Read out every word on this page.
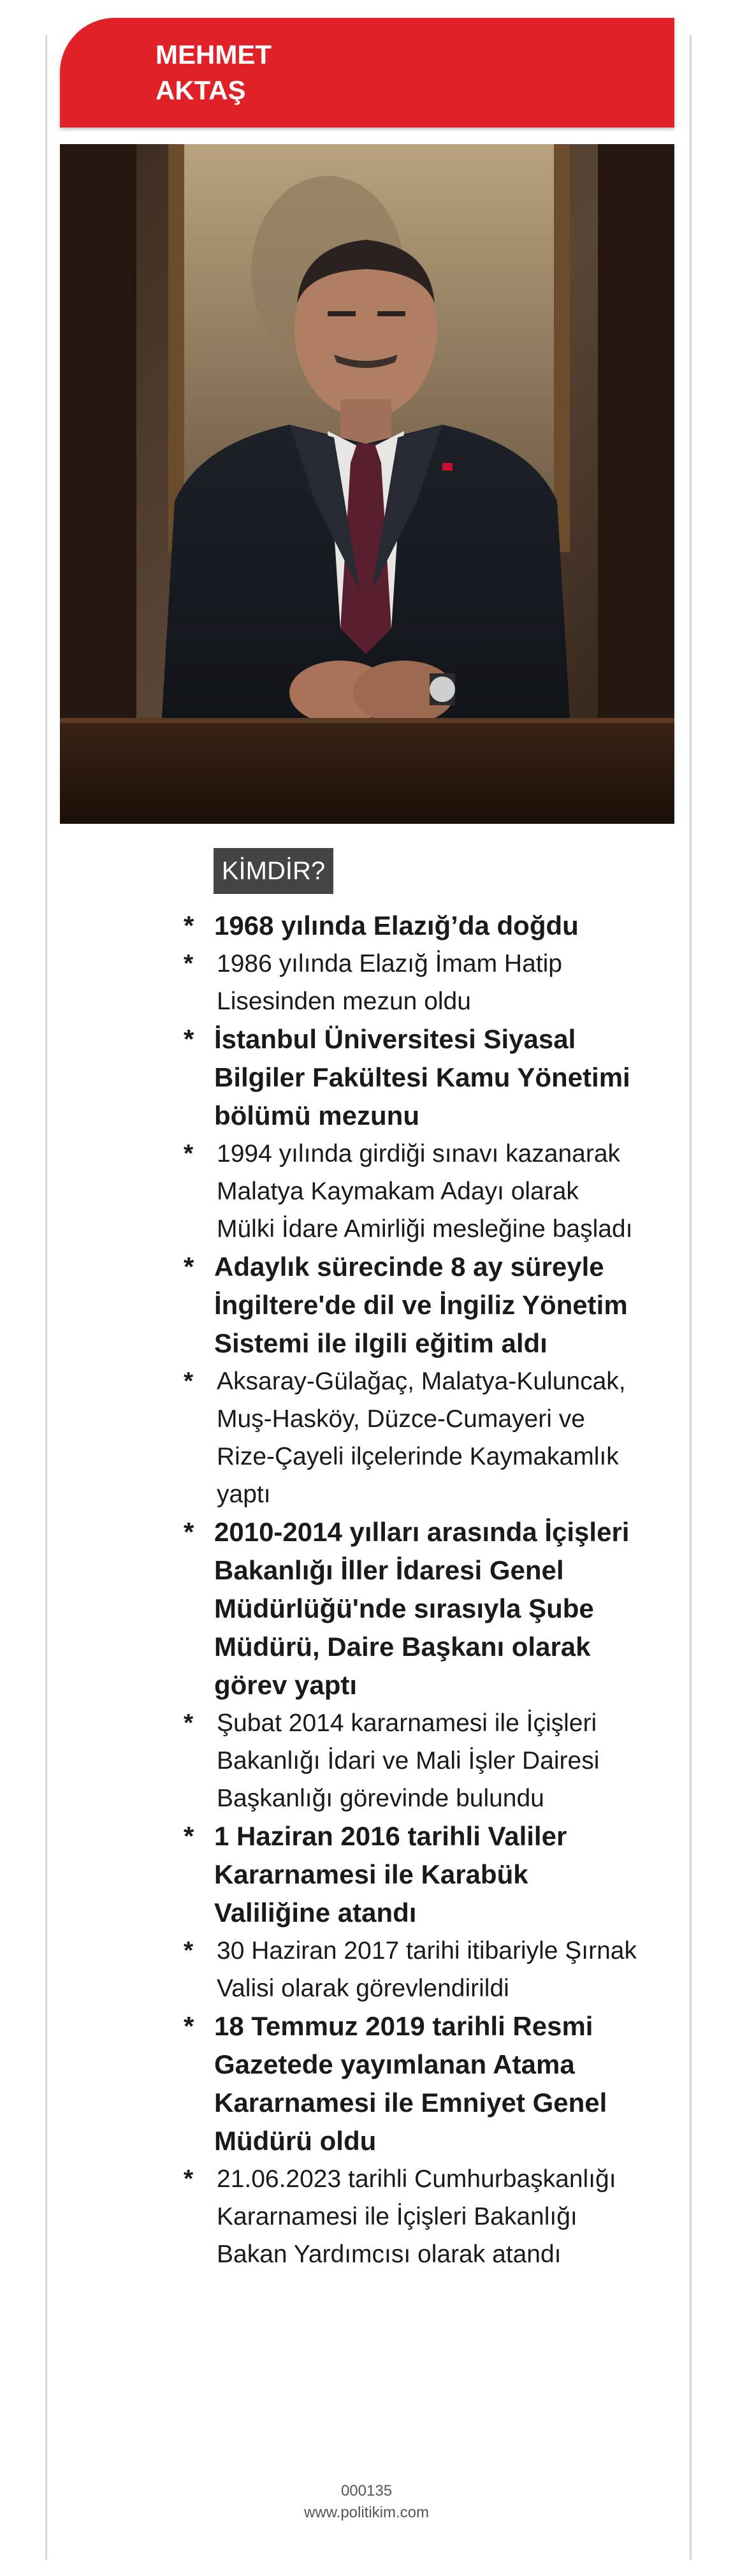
MEHMET
AKTAŞ
KİMDİR?
* 1968 yılında Elazığ’da doğdu
* 1986 yılında Elazığ İmam Hatip Lisesinden mezun oldu
* İstanbul Üniversitesi Siyasal Bilgiler Fakültesi Kamu Yönetimi bölümü mezunu
* 1994 yılında girdiği sınavı kazanarak Malatya Kaymakam Adayı olarak Mülki İdare Amirliği mesleğine başladı
* Adaylık sürecinde 8 ay süreyle İngiltere'de dil ve İngiliz Yönetim Sistemi ile ilgili eğitim aldı
* Aksaray-Gülağaç, Malatya-Kuluncak, Muş-Hasköy, Düzce-Cumayeri ve Rize-Çayeli ilçelerinde Kaymakamlık yaptı
* 2010-2014 yılları arasında İçişleri Bakanlığı İller İdaresi Genel Müdürlüğü'nde sırasıyla Şube Müdürü, Daire Başkanı olarak görev yaptı
* Şubat 2014 kararnamesi ile İçişleri Bakanlığı İdari ve Mali İşler Dairesi Başkanlığı görevinde bulundu
* 1 Haziran 2016 tarihli Valiler Kararnamesi ile Karabük Valiliğine atandı
* 30 Haziran 2017 tarihi itibariyle Şırnak Valisi olarak görevlendirildi
* 18 Temmuz 2019 tarihli Resmi Gazetede yayımlanan Atama Kararnamesi ile Emniyet Genel Müdürü oldu
* 21.06.2023 tarihli Cumhurbaşkanlığı Kararnamesi ile İçişleri Bakanlığı Bakan Yardımcısı olarak atandı
000135
www.politikim.com
